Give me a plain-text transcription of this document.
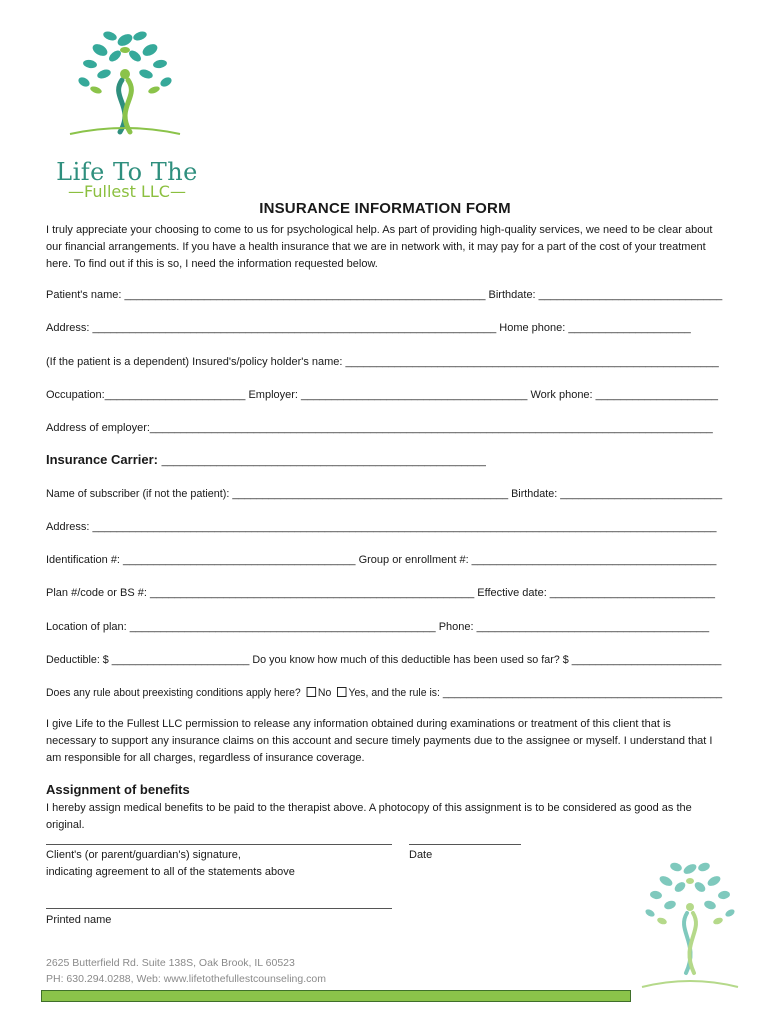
Life To The
—Fullest LLC—
INSURANCE INFORMATION FORM
I truly appreciate your choosing to come to us for psychological help. As part of providing high-quality services, we need to be clear about our financial arrangements. If you have a health insurance that we are in network with, it may pay for a part of the cost of your treatment here. To find out if this is so, I need the information requested below.
Patient's name: ___________________________________________________________ Birthdate: ______________________________
Address: __________________________________________________________________ Home phone: ____________________
(If the patient is a dependent) Insured's/policy holder's name: _____________________________________________________________
Occupation:_______________________ Employer: _____________________________________ Work phone: ____________________
Address of employer:____________________________________________________________________________________________
Insurance Carrier: _____________________________________________________
Name of subscriber (if not the patient): ______________________________________________ Birthdate: ___________________________
Address: ______________________________________________________________________________________________________
Identification #: ______________________________________ Group or enrollment #: ________________________________________
Plan #/code or BS #: _____________________________________________________ Effective date: ___________________________
Location of plan: __________________________________________________ Phone: ______________________________________
Deductible: $ _______________________ Do you know how much of this deductible has been used so far? $ _________________________
Does any rule about preexisting conditions apply here? No Yes, and the rule is: ________________________________________________
I give Life to the Fullest LLC permission to release any information obtained during examinations or treatment of this client that is necessary to support any insurance claims on this account and secure timely payments due to the assignee or myself. I understand that I am responsible for all charges, regardless of insurance coverage.
Assignment of benefits
I hereby assign medical benefits to be paid to the therapist above. A photocopy of this assignment is to be considered as good as the original.
Client's (or parent/guardian's) signature,
indicating agreement to all of the statements above
Date
Printed name
2625 Butterfield Rd. Suite 138S, Oak Brook, IL 60523
PH: 630.294.0288, Web: www.lifetothefullestcounseling.com
